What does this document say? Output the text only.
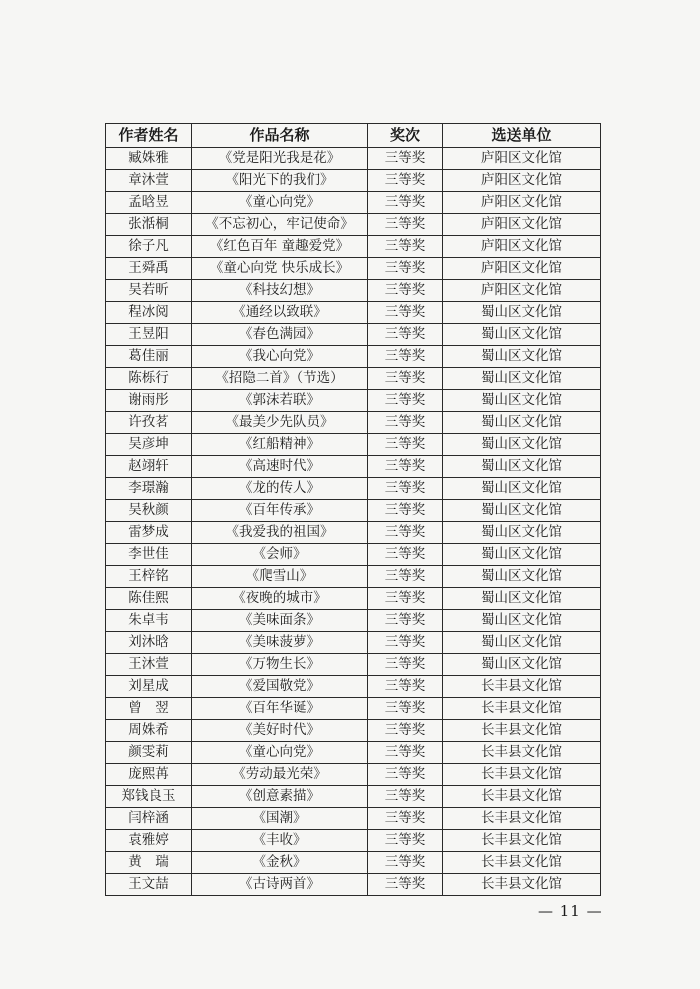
作者姓名	作品名称	奖次	选送单位
臧姝雅	《党是阳光我是花》	三等奖	庐阳区文化馆
章沐萱	《阳光下的我们》	三等奖	庐阳区文化馆
孟晗昱	《童心向党》	三等奖	庐阳区文化馆
张湉桐	《不忘初心，牢记使命》	三等奖	庐阳区文化馆
徐子凡	《红色百年 童趣爱党》	三等奖	庐阳区文化馆
王舜禹	《童心向党 快乐成长》	三等奖	庐阳区文化馆
吴若昕	《科技幻想》	三等奖	庐阳区文化馆
程冰阅	《通经以致联》	三等奖	蜀山区文化馆
王昱阳	《春色满园》	三等奖	蜀山区文化馆
葛佳丽	《我心向党》	三等奖	蜀山区文化馆
陈栎行	《招隐二首》（节选）	三等奖	蜀山区文化馆
谢雨彤	《郭沫若联》	三等奖	蜀山区文化馆
许孜茗	《最美少先队员》	三等奖	蜀山区文化馆
吴彦坤	《红船精神》	三等奖	蜀山区文化馆
赵翊轩	《高速时代》	三等奖	蜀山区文化馆
李璟瀚	《龙的传人》	三等奖	蜀山区文化馆
吴秋颜	《百年传承》	三等奖	蜀山区文化馆
雷梦成	《我爱我的祖国》	三等奖	蜀山区文化馆
李世佳	《会师》	三等奖	蜀山区文化馆
王梓铭	《爬雪山》	三等奖	蜀山区文化馆
陈佳熙	《夜晚的城市》	三等奖	蜀山区文化馆
朱卓韦	《美味面条》	三等奖	蜀山区文化馆
刘沐晗	《美味菠萝》	三等奖	蜀山区文化馆
王沐萱	《万物生长》	三等奖	蜀山区文化馆
刘星成	《爱国敬党》	三等奖	长丰县文化馆
曾　翌	《百年华诞》	三等奖	长丰县文化馆
周姝希	《美好时代》	三等奖	长丰县文化馆
颜雯莉	《童心向党》	三等奖	长丰县文化馆
庞熙苒	《劳动最光荣》	三等奖	长丰县文化馆
郑钱良玉	《创意素描》	三等奖	长丰县文化馆
闫梓涵	《国潮》	三等奖	长丰县文化馆
袁雅婷	《丰收》	三等奖	长丰县文化馆
黄　瑞	《金秋》	三等奖	长丰县文化馆
王文喆	《古诗两首》	三等奖	长丰县文化馆
— 11 —
